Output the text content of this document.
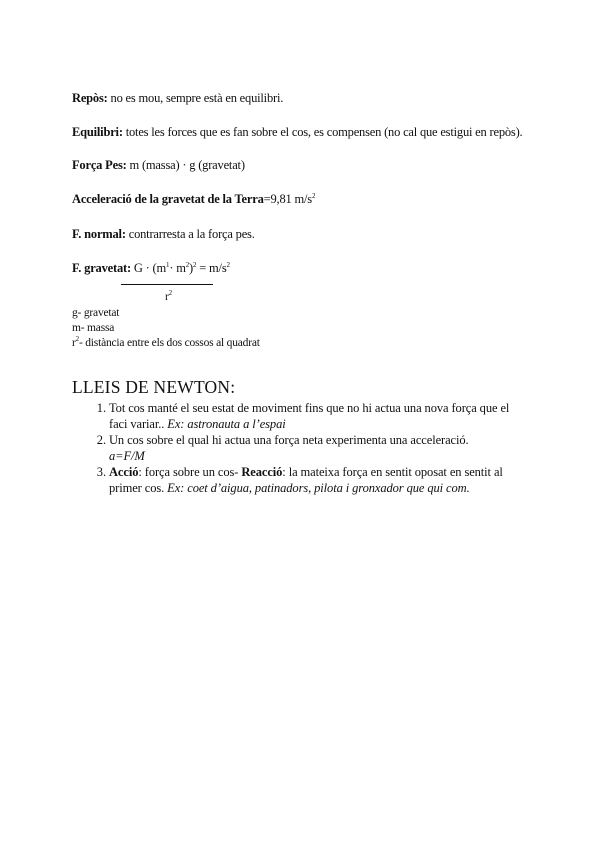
Repòs: no es mou, sempre està en equilibri.
Equilibri: totes les forces que es fan sobre el cos, es compensen (no cal que estigui en repòs).
Força Pes: m (massa) · g (gravetat)
Acceleració de la gravetat de la Terra=9,81 $m/s^2$
F. normal: contrarresta a la força pes.
F. gravetat: $G \cdot (m^1\cdot m^2)^2 = m/s^2$
$r^2$
g- gravetat
m- massa
$r^2-$ distància entre els dos cossos al quadrat
LLEIS DE NEWTON:
1. Tot cos manté el seu estat de moviment fins que no hi actua una nova força que el faci variar.. Ex: astronauta a l’espai
2. Un cos sobre el qual hi actua una força neta experimenta una acceleració.
a=F/M
3. Acció: força sobre un cos- Reacció: la mateixa força en sentit oposat en sentit al primer cos. Ex: coet d’aigua, patinadors, pilota i gronxador que qui com.
